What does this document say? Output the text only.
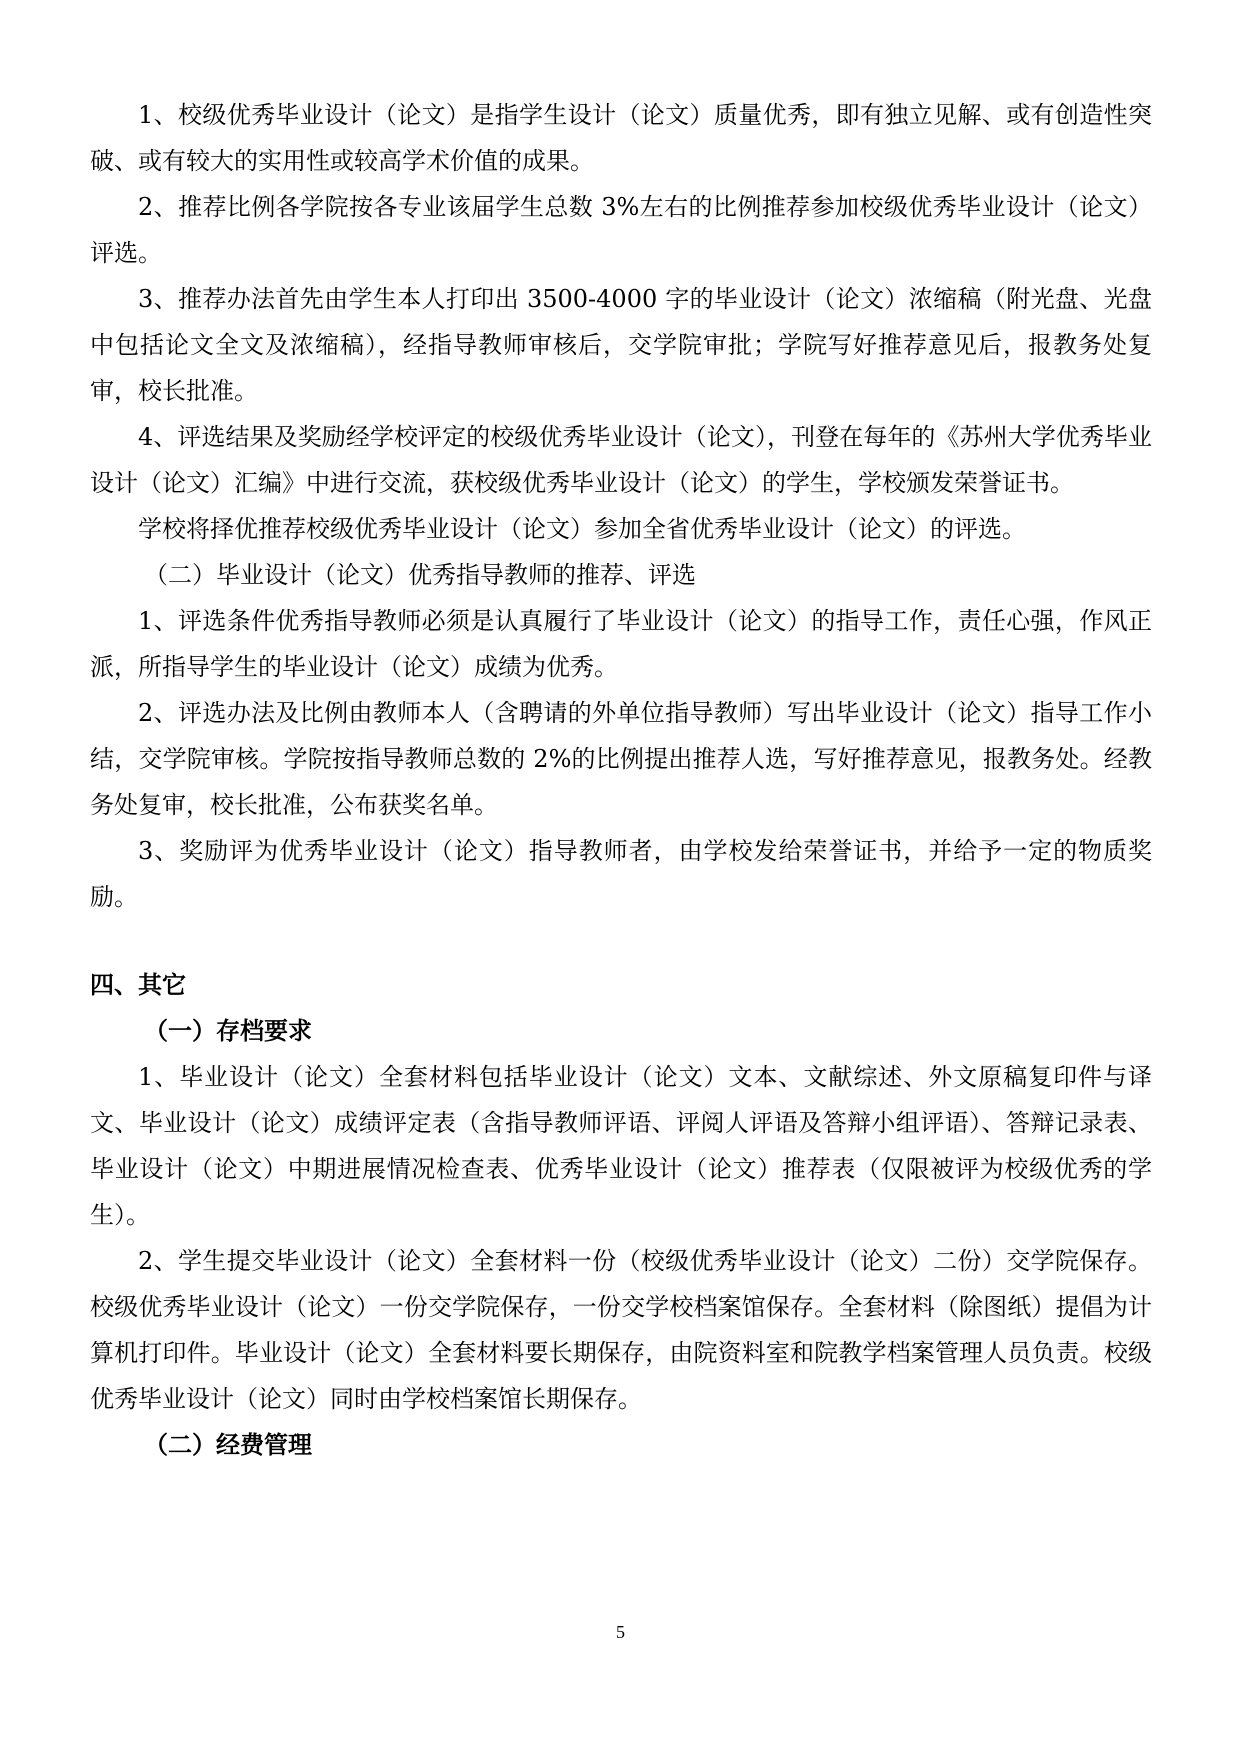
1、校级优秀毕业设计（论文）是指学生设计（论文）质量优秀，即有独立见解、或有创造性突破、或有较大的实用性或较高学术价值的成果。

2、推荐比例各学院按各专业该届学生总数 3%左右的比例推荐参加校级优秀毕业设计（论文）评选。

3、推荐办法首先由学生本人打印出 3500-4000 字的毕业设计（论文）浓缩稿（附光盘、光盘中包括论文全文及浓缩稿），经指导教师审核后，交学院审批；学院写好推荐意见后，报教务处复审，校长批准。

4、评选结果及奖励经学校评定的校级优秀毕业设计（论文），刊登在每年的《苏州大学优秀毕业设计（论文）汇编》中进行交流，获校级优秀毕业设计（论文）的学生，学校颁发荣誉证书。

学校将择优推荐校级优秀毕业设计（论文）参加全省优秀毕业设计（论文）的评选。

（二）毕业设计（论文）优秀指导教师的推荐、评选

1、评选条件优秀指导教师必须是认真履行了毕业设计（论文）的指导工作，责任心强，作风正派，所指导学生的毕业设计（论文）成绩为优秀。

2、评选办法及比例由教师本人（含聘请的外单位指导教师）写出毕业设计（论文）指导工作小结，交学院审核。学院按指导教师总数的 2%的比例提出推荐人选，写好推荐意见，报教务处。经教务处复审，校长批准，公布获奖名单。

3、奖励评为优秀毕业设计（论文）指导教师者，由学校发给荣誉证书，并给予一定的物质奖励。

四、其它

（一）存档要求

1、毕业设计（论文）全套材料包括毕业设计（论文）文本、文献综述、外文原稿复印件与译文、毕业设计（论文）成绩评定表（含指导教师评语、评阅人评语及答辩小组评语）、答辩记录表、毕业设计（论文）中期进展情况检查表、优秀毕业设计（论文）推荐表（仅限被评为校级优秀的学生）。

2、学生提交毕业设计（论文）全套材料一份（校级优秀毕业设计（论文）二份）交学院保存。校级优秀毕业设计（论文）一份交学院保存，一份交学校档案馆保存。全套材料（除图纸）提倡为计算机打印件。毕业设计（论文）全套材料要长期保存，由院资料室和院教学档案管理人员负责。校级优秀毕业设计（论文）同时由学校档案馆长期保存。

（二）经费管理

5
